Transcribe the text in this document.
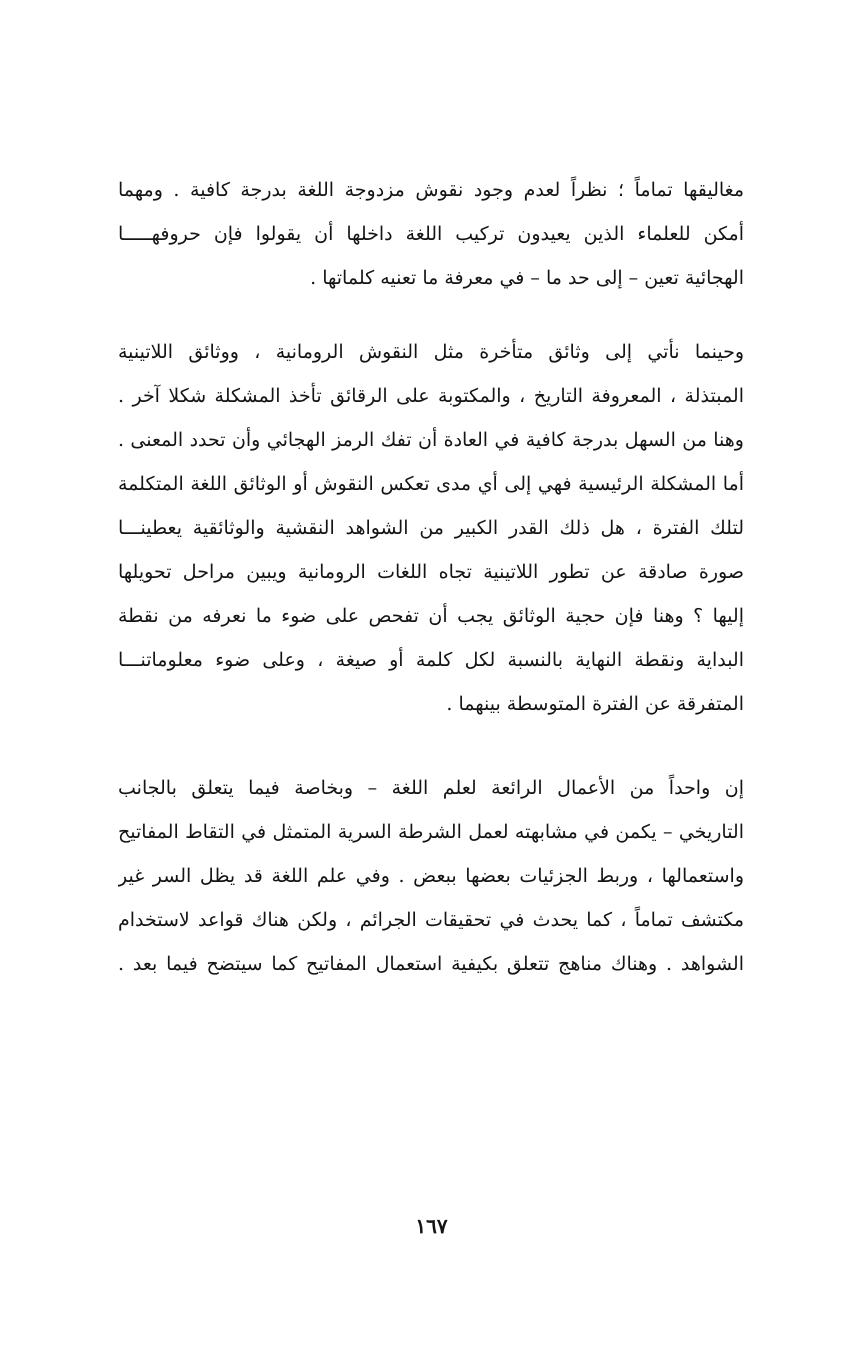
مغاليقها تماماً ؛ نظراً لعدم وجود نقوش مزدوجة اللغة بدرجة كافية . ومهما
أمكن للعلماء الذين يعيدون تركيب اللغة داخلها أن يقولوا فإن حروفهـــــا
الهجائية تعين – إلى حد ما – في معرفة ما تعنيه كلماتها .
وحينما نأتي إلى وثائق متأخرة مثل النقوش الرومانية ، ووثائق اللاتينية
المبتذلة ، المعروفة التاريخ ، والمكتوبة على الرقائق تأخذ المشكلة شكلا آخر .
وهنا من السهل بدرجة كافية في العادة أن تفك الرمز الهجائي وأن تحدد المعنى .
أما المشكلة الرئيسية فهي إلى أي مدى تعكس النقوش أو الوثائق اللغة المتكلمة
لتلك الفترة ، هل ذلك القدر الكبير من الشواهد النقشية والوثائقية يعطينـــا
صورة صادقة عن تطور اللاتينية تجاه اللغات الرومانية ويبين مراحل تحويلها
إليها ؟ وهنا فإن حجية الوثائق يجب أن تفحص على ضوء ما نعرفه من نقطة
البداية ونقطة النهاية بالنسبة لكل كلمة أو صيغة ، وعلى ضوء معلوماتنـــا
المتفرقة عن الفترة المتوسطة بينهما .
إن واحداً من الأعمال الرائعة لعلم اللغة – وبخاصة فيما يتعلق بالجانب
التاريخي – يكمن في مشابهته لعمل الشرطة السرية المتمثل في التقاط المفاتيح
واستعمالها ، وربط الجزئيات بعضها ببعض . وفي علم اللغة قد يظل السر غير
مكتشف تماماً ، كما يحدث في تحقيقات الجرائم ، ولكن هناك قواعد لاستخدام
الشواهد . وهناك مناهج تتعلق بكيفية استعمال المفاتيح كما سيتضح فيما بعد .
١٦٧
